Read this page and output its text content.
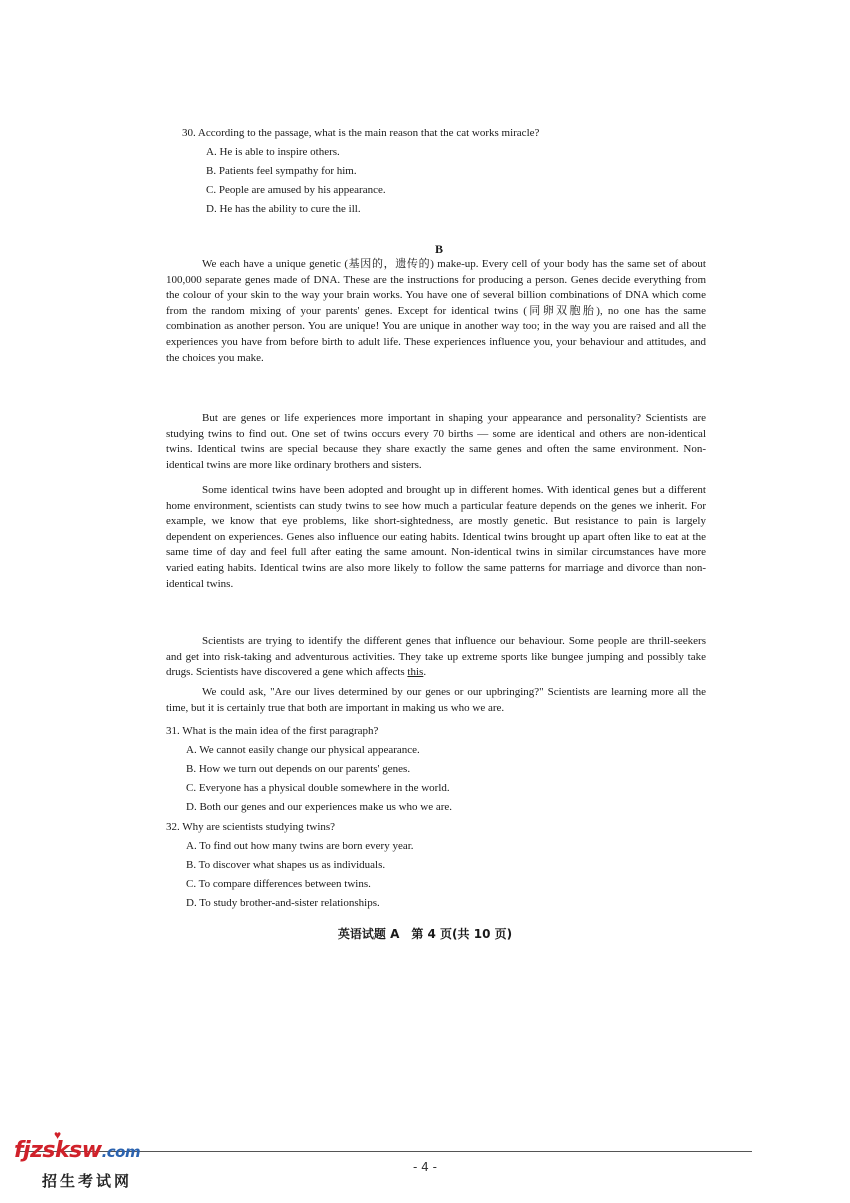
30. According to the passage, what is the main reason that the cat works miracle?
A. He is able to inspire others.
B. Patients feel sympathy for him.
C. People are amused by his appearance.
D. He has the ability to cure the ill.
B

We each have a unique genetic (基因的，遗传的) make-up. Every cell of your body has the same set of about 100,000 separate genes made of DNA. These are the instructions for producing a person. Genes decide everything from the colour of your skin to the way your brain works. You have one of several billion combinations of DNA which come from the random mixing of your parents' genes. Except for identical twins (同卵双胞胎), no one has the same combination as another person. You are unique! You are unique in another way too; in the way you are raised and all the experiences you have from before birth to adult life. These experiences influence you, your behaviour and attitudes, and the choices you make.

But are genes or life experiences more important in shaping your appearance and personality? Scientists are studying twins to find out. One set of twins occurs every 70 births — some are identical and others are non-identical twins. Identical twins are special because they share exactly the same genes and often the same environment. Non-identical twins are more like ordinary brothers and sisters.

Some identical twins have been adopted and brought up in different homes. With identical genes but a different home environment, scientists can study twins to see how much a particular feature depends on the genes we inherit. For example, we know that eye problems, like short-sightedness, are mostly genetic. But resistance to pain is largely dependent on experiences. Genes also influence our eating habits. Identical twins brought up apart often like to eat at the same time of day and feel full after eating the same amount. Non-identical twins in similar circumstances have more varied eating habits. Identical twins are also more likely to follow the same patterns for marriage and divorce than non-identical twins.

Scientists are trying to identify the different genes that influence our behaviour. Some people are thrill-seekers and get into risk-taking and adventurous activities. They take up extreme sports like bungee jumping and possibly take drugs. Scientists have discovered a gene which affects this.

We could ask, "Are our lives determined by our genes or our upbringing?" Scientists are learning more all the time, but it is certainly true that both are important in making us who we are.

31. What is the main idea of the first paragraph?
A. We cannot easily change our physical appearance.
B. How we turn out depends on our parents' genes.
C. Everyone has a physical double somewhere in the world.
D. Both our genes and our experiences make us who we are.
32. Why are scientists studying twins?
A. To find out how many twins are born every year.
B. To discover what shapes us as individuals.
C. To compare differences between twins.
D. To study brother-and-sister relationships.
英语试题 A　第 4 页(共 10 页)
- 4 -
♥
fjzsksw.com
招生考试网
